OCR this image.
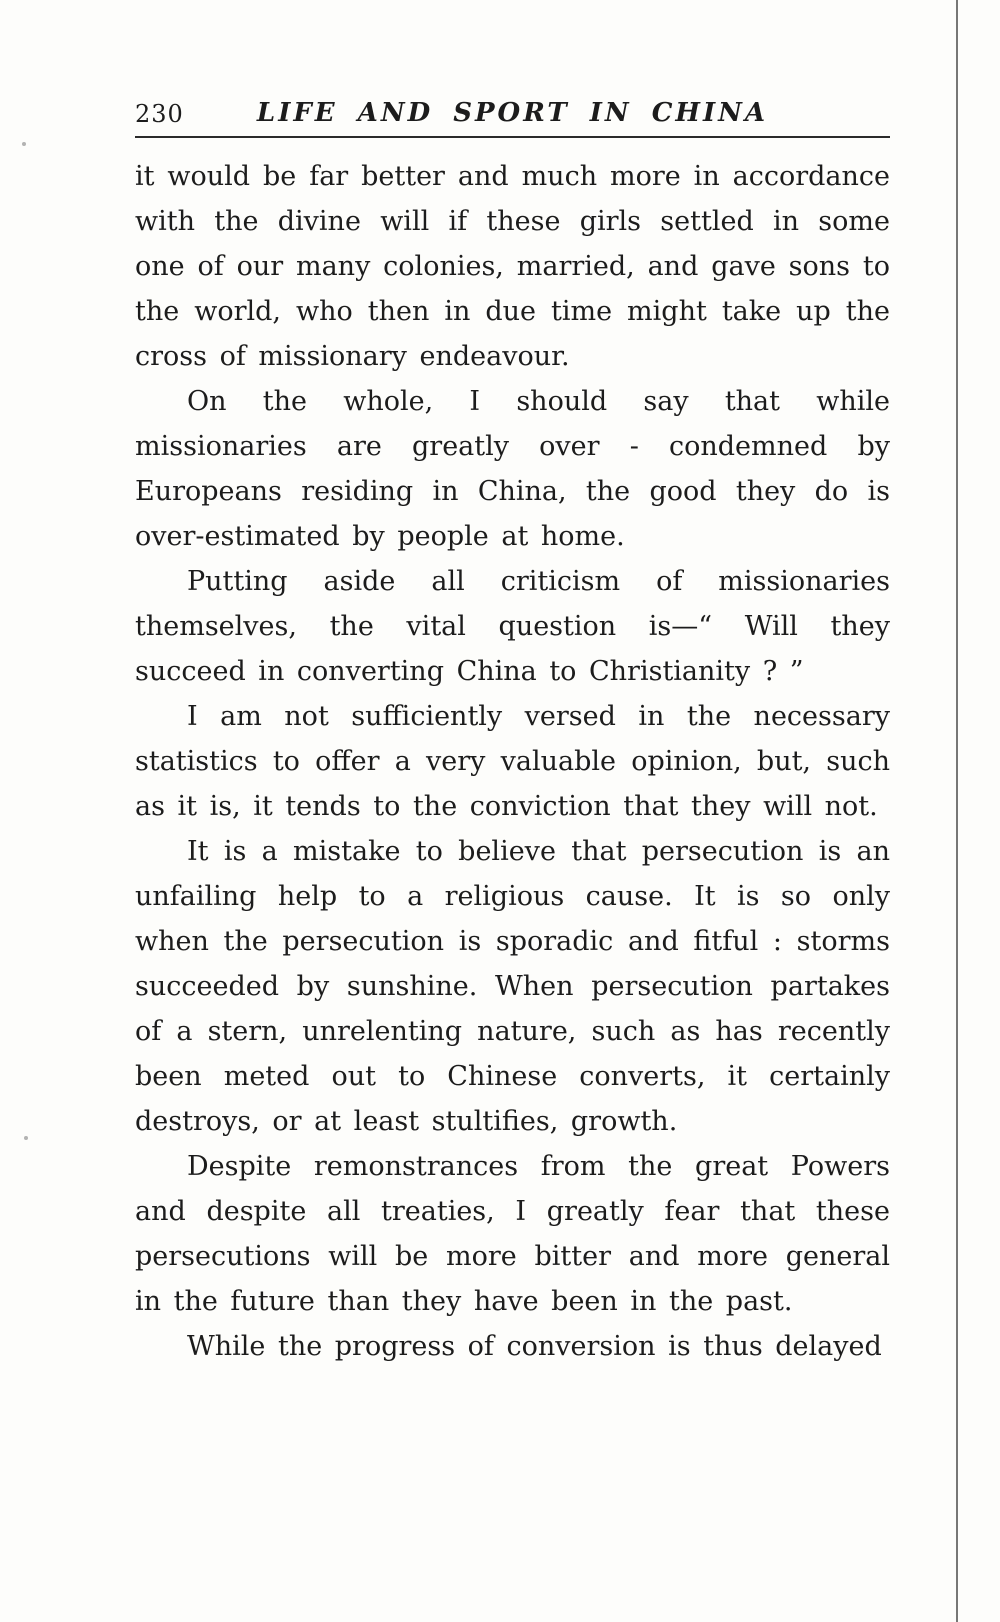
230	LIFE AND SPORT IN CHINA

it would be far better and much more in accordance with the divine will if these girls settled in some one of our many colonies, married, and gave sons to the world, who then in due time might take up the cross of missionary endeavour.

On the whole, I should say that while missionaries are greatly over - condemned by Europeans residing in China, the good they do is over-estimated by people at home.

Putting aside all criticism of missionaries themselves, the vital question is—“ Will they succeed in converting China to Christianity ? ”

I am not sufficiently versed in the necessary statistics to offer a very valuable opinion, but, such as it is, it tends to the conviction that they will not.

It is a mistake to believe that persecution is an unfailing help to a religious cause. It is so only when the persecution is sporadic and fitful : storms succeeded by sunshine. When persecution partakes of a stern, unrelenting nature, such as has recently been meted out to Chinese converts, it certainly destroys, or at least stultifies, growth.

Despite remonstrances from the great Powers and despite all treaties, I greatly fear that these persecutions will be more bitter and more general in the future than they have been in the past.

While the progress of conversion is thus delayed
